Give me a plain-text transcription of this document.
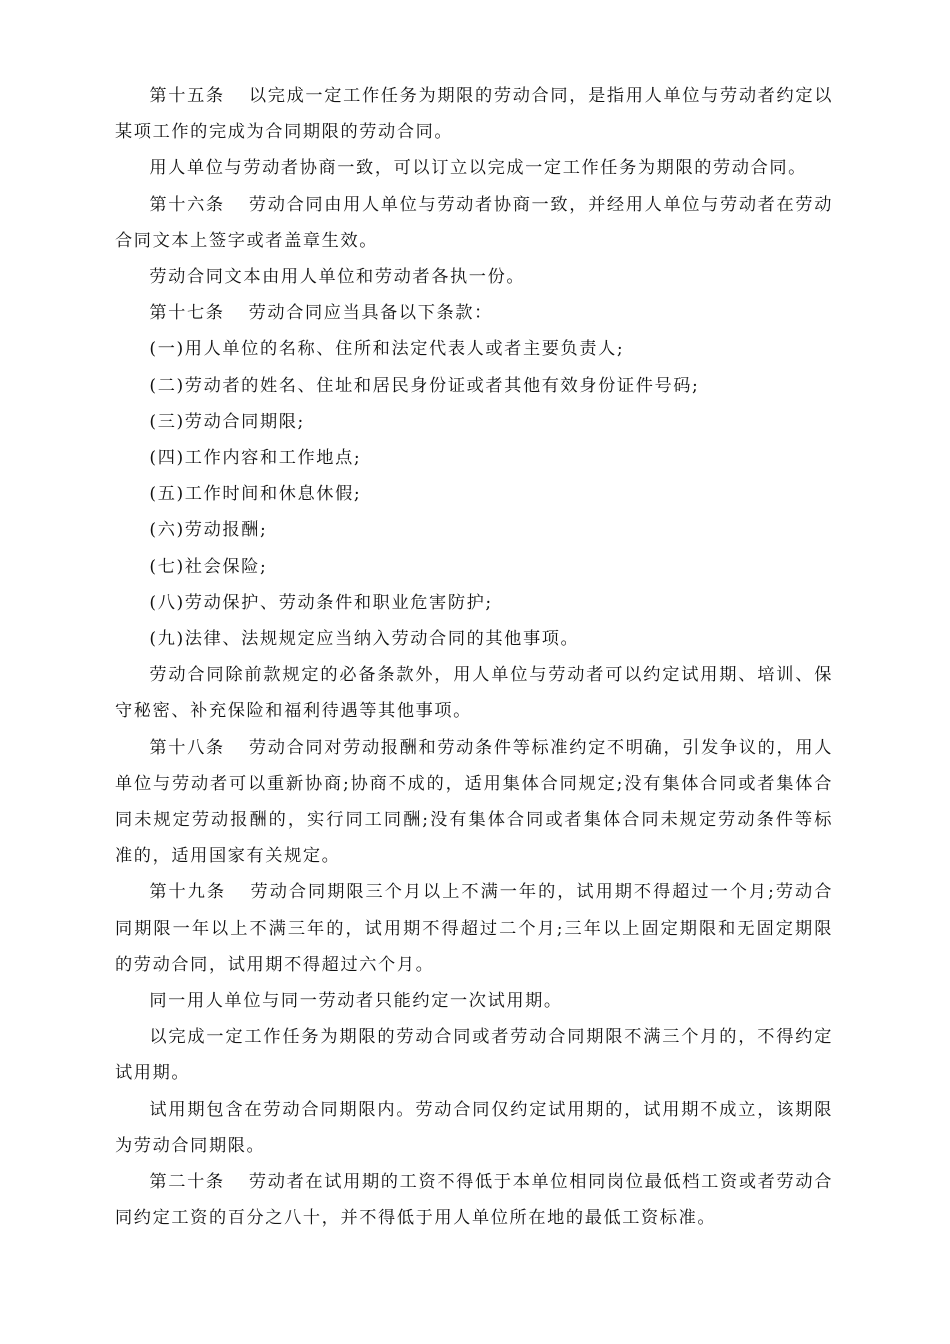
第十五条 以完成一定工作任务为期限的劳动合同，是指用人单位与劳动者约定以某项工作的完成为合同期限的劳动合同。

用人单位与劳动者协商一致，可以订立以完成一定工作任务为期限的劳动合同。

第十六条 劳动合同由用人单位与劳动者协商一致，并经用人单位与劳动者在劳动合同文本上签字或者盖章生效。

劳动合同文本由用人单位和劳动者各执一份。

第十七条 劳动合同应当具备以下条款：

(一)用人单位的名称、住所和法定代表人或者主要负责人;

(二)劳动者的姓名、住址和居民身份证或者其他有效身份证件号码;

(三)劳动合同期限;

(四)工作内容和工作地点;

(五)工作时间和休息休假;

(六)劳动报酬;

(七)社会保险;

(八)劳动保护、劳动条件和职业危害防护;

(九)法律、法规规定应当纳入劳动合同的其他事项。

劳动合同除前款规定的必备条款外，用人单位与劳动者可以约定试用期、培训、保守秘密、补充保险和福利待遇等其他事项。

第十八条 劳动合同对劳动报酬和劳动条件等标准约定不明确，引发争议的，用人单位与劳动者可以重新协商;协商不成的，适用集体合同规定;没有集体合同或者集体合同未规定劳动报酬的，实行同工同酬;没有集体合同或者集体合同未规定劳动条件等标准的，适用国家有关规定。

第十九条 劳动合同期限三个月以上不满一年的，试用期不得超过一个月;劳动合同期限一年以上不满三年的，试用期不得超过二个月;三年以上固定期限和无固定期限的劳动合同，试用期不得超过六个月。

同一用人单位与同一劳动者只能约定一次试用期。

以完成一定工作任务为期限的劳动合同或者劳动合同期限不满三个月的，不得约定试用期。

试用期包含在劳动合同期限内。劳动合同仅约定试用期的，试用期不成立，该期限为劳动合同期限。

第二十条 劳动者在试用期的工资不得低于本单位相同岗位最低档工资或者劳动合同约定工资的百分之八十，并不得低于用人单位所在地的最低工资标准。
